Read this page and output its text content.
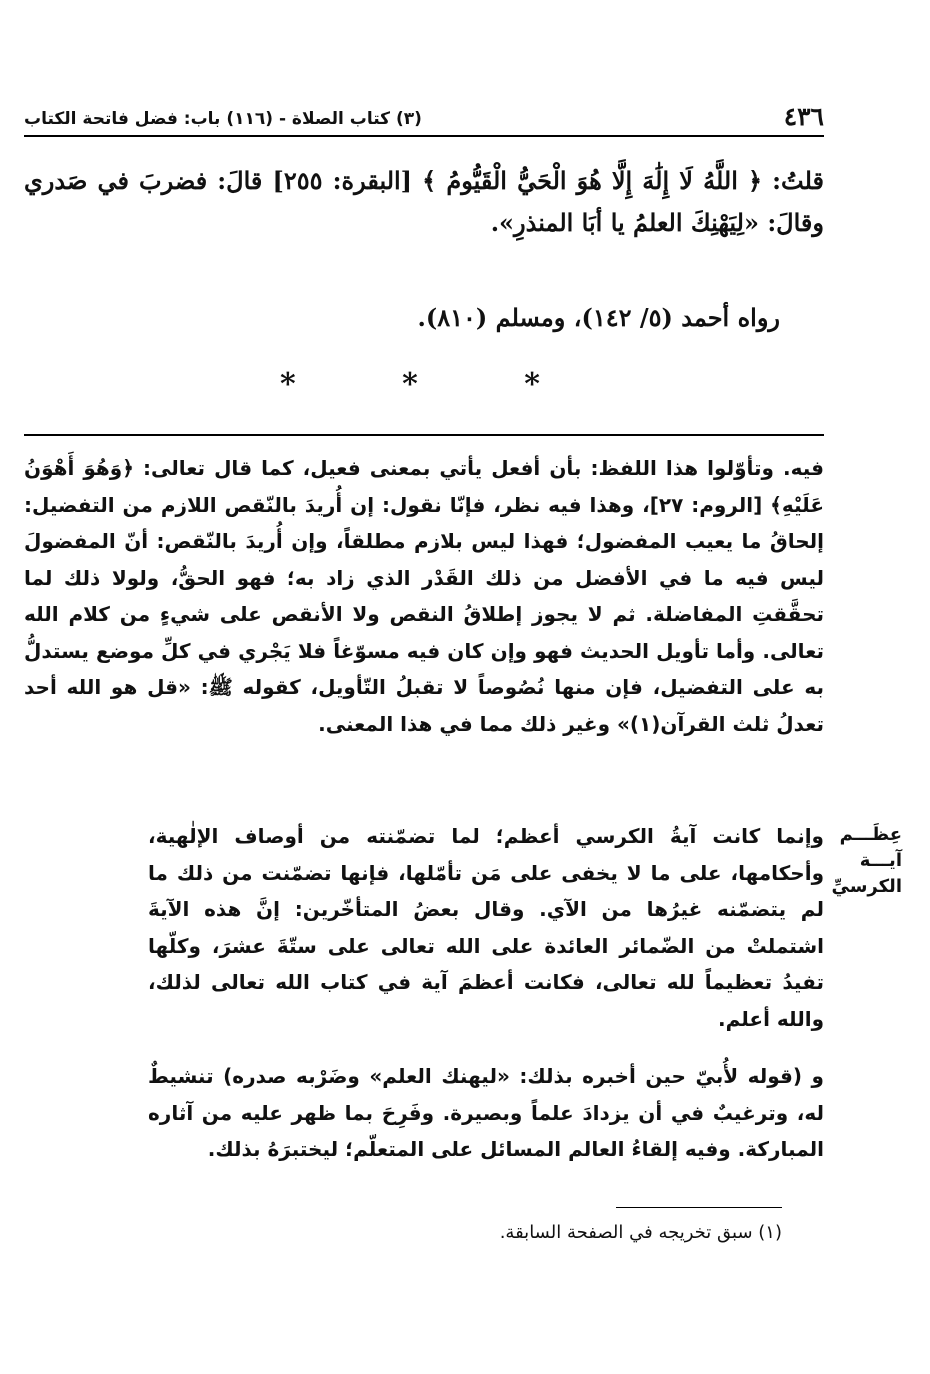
٤٣٦
(٣) كتاب الصلاة - (١١٦) باب: فضل فاتحة الكتاب

قلتُ: ﴿ اللَّهُ لَا إِلَٰهَ إِلَّا هُوَ الْحَيُّ الْقَيُّومُ ﴾ [البقرة: ٢٥٥] قالَ: فضربَ في صَدري وقالَ: «لِيَهْنِكَ العلمُ يا أبَا المنذرِ».

رواه أحمد (٥/ ١٤٢)، ومسلم (٨١٠).
*	*	*

فيه. وتأوّلوا هذا اللفظ: بأن أفعل يأتي بمعنى فعيل، كما قال تعالى: ﴿وَهُوَ أَهْوَنُ عَلَيْهِ﴾ [الروم: ٢٧]، وهذا فيه نظر، فإنّا نقول: إن أُريدَ بالنّقص اللازم من التفضيل: إلحاقُ ما يعيب المفضول؛ فهذا ليس بلازم مطلقاً، وإن أُريدَ بالنّقص: أنّ المفضولَ ليس فيه ما في الأفضل من ذلك القَدْر الذي زاد به؛ فهو الحقُّ، ولولا ذلك لما تحقَّقتِ المفاضلة. ثم لا يجوز إطلاقُ النقص ولا الأنقص على شيءٍ من كلام الله تعالى. وأما تأويل الحديث فهو وإن كان فيه مسوّغاً فلا يَجْري في كلِّ موضع يستدلُّ به على التفضيل، فإن منها نُصُوصاً لا تقبلُ التّأويل، كقوله ﷺ: «قل هو الله أحد تعدلُ ثلث القرآن(١)» وغير ذلك مما في هذا المعنى.

عِظَـــم آيـــة الكرسيِّ

وإنما كانت آيةُ الكرسي أعظم؛ لما تضمّنته من أوصاف الإلٰهية، وأحكامها، على ما لا يخفى على مَن تأمّلها، فإنها تضمّنت من ذلك ما لم يتضمّنه غيرُها من الآي. وقال بعضُ المتأخّرين: إنَّ هذه الآيةَ اشتملتْ من الضّمائر العائدة على الله تعالى على ستّةَ عشرَ، وكلّها تفيدُ تعظيماً لله تعالى، فكانت أعظمَ آية في كتاب الله تعالى لذلك، والله أعلم.

و (قوله لأُبيّ حين أخبره بذلك: «ليهنك العلم» وضَرْبه صدره) تنشيطٌ له، وترغيبٌ في أن يزدادَ علماً وبصيرة. وفَرِحَ بما ظهر عليه من آثاره المباركة. وفيه إلقاءُ العالم المسائل على المتعلّم؛ ليختبرَهُ بذلك.

(١) سبق تخريجه في الصفحة السابقة.
